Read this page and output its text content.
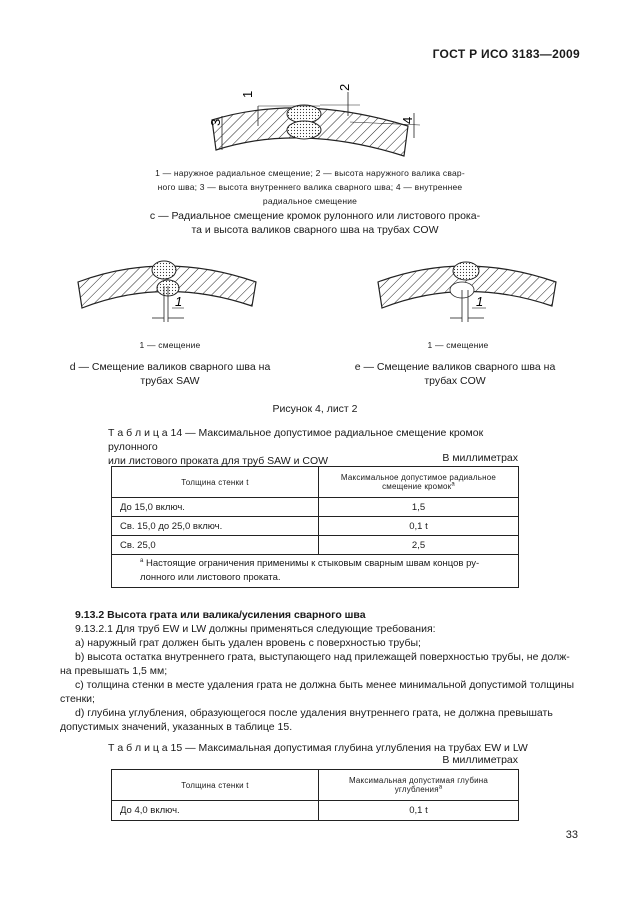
ГОСТ Р ИСО 3183—2009
1
2
3	4
1 — наружное радиальное смещение; 2 — высота наружного валика свар-
ного шва; 3 — высота внутреннего валика сварного шва; 4 — внутреннее
радиальное смещение
c — Радиальное смещение кромок рулонного или листового прока-
та и высота валиков сварного шва на трубах COW
1
1 — смещение
d — Смещение валиков сварного шва на
трубах SAW
1
1 — смещение
e — Смещение валиков сварного шва на
трубах COW
Рисунок 4, лист 2
Т а б л и ц а 14 — Максимальное допустимое радиальное смещение кромок рулонного
или листового проката для труб SAW и COW	В миллиметрах
Толщина стенки t	Максимальное допустимое радиальное
смещение кромок$^a$

До 15,0 включ.	1,5
Св. 15,0 до 25,0 включ.	0,1 t
Св. 25,0	2,5

$^a$ Настоящие ограничения применимы к стыковым сварным швам концов ру-
лонного или листового проката.	
9.13.2 Высота грата или валика/усиления сварного шва
9.13.2.1 Для труб EW и LW должны применяться следующие требования:
a) наружный грат должен быть удален вровень с поверхностью трубы;
b) высота остатка внутреннего грата, выступающего над прилежащей поверхностью трубы, не долж-
на превышать 1,5 мм;
c) толщина стенки в месте удаления грата не должна быть менее минимальной допустимой толщины
стенки;
d) глубина углубления, образующегося после удаления внутреннего грата, не должна превышать
допустимых значений, указанных в таблице 15.
Т а б л и ц а 15 — Максимальная допустимая глубина углубления на трубах EW и LW
В миллиметрах
Толщина стенки t	Максимальная допустимая глубина
углубления$^a$

До 4,0 включ.	0,1 t
33
